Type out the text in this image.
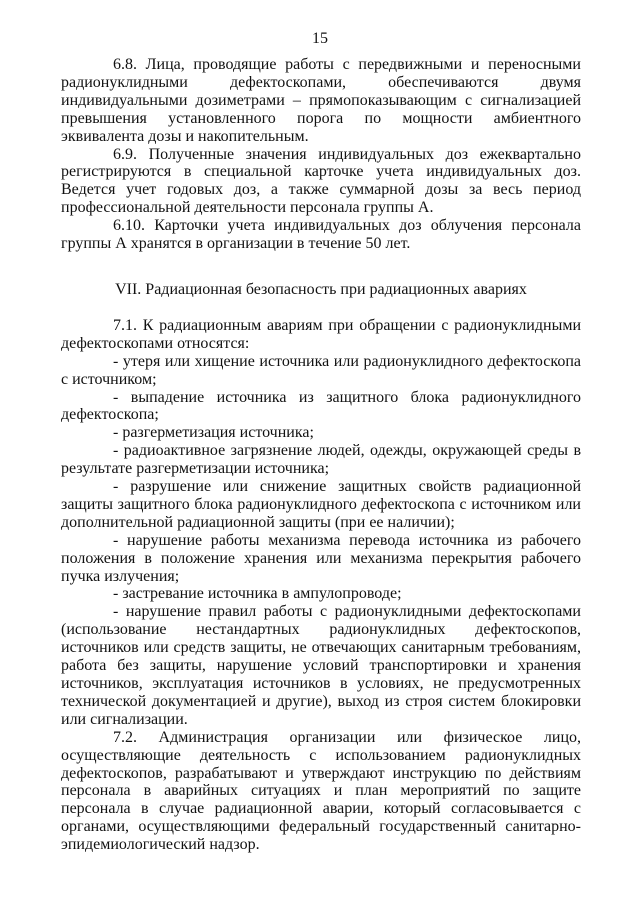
15

6.8. Лица, проводящие работы с передвижными и переносными радионуклидными дефектоскопами, обеспечиваются двумя индивидуальными дозиметрами – прямопоказывающим с сигнализацией превышения установленного порога по мощности амбиентного эквивалента дозы и накопительным.

6.9. Полученные значения индивидуальных доз ежеквартально регистрируются в специальной карточке учета индивидуальных доз. Ведется учет годовых доз, а также суммарной дозы за весь период профессиональной деятельности персонала группы А.

6.10. Карточки учета индивидуальных доз облучения персонала группы А хранятся в организации в течение 50 лет.

VII. Радиационная безопасность при радиационных авариях

7.1. К радиационным авариям при обращении с радионуклидными дефектоскопами относятся:

- утеря или хищение источника или радионуклидного дефектоскопа с источником;

- выпадение источника из защитного блока радионуклидного дефектоскопа;

- разгерметизация источника;

- радиоактивное загрязнение людей, одежды, окружающей среды в результате разгерметизации источника;

- разрушение или снижение защитных свойств радиационной защиты защитного блока радионуклидного дефектоскопа с источником или дополнительной радиационной защиты (при ее наличии);

- нарушение работы механизма перевода источника из рабочего положения в положение хранения или механизма перекрытия рабочего пучка излучения;

- застревание источника в ампулопроводе;

- нарушение правил работы с радионуклидными дефектоскопами (использование нестандартных радионуклидных дефектоскопов, источников или средств защиты, не отвечающих санитарным требованиям, работа без защиты, нарушение условий транспортировки и хранения источников, эксплуатация источников в условиях, не предусмотренных технической документацией и другие), выход из строя систем блокировки или сигнализации.

7.2. Администрация организации или физическое лицо, осуществляющие деятельность с использованием радионуклидных дефектоскопов, разрабатывают и утверждают инструкцию по действиям персонала в аварийных ситуациях и план мероприятий по защите персонала в случае радиационной аварии, который согласовывается с органами, осуществляющими федеральный государственный санитарно-эпидемиологический надзор.
